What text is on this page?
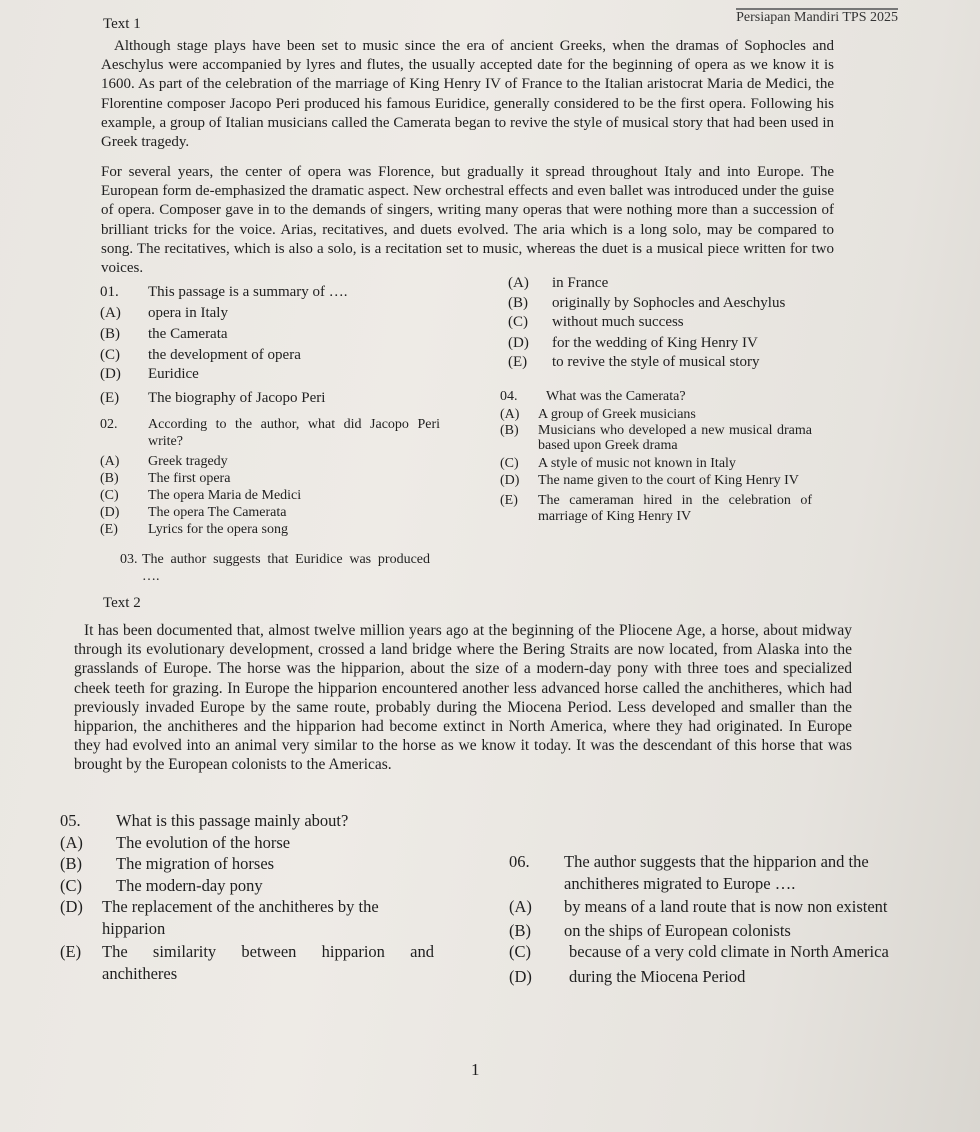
Persiapan Mandiri TPS 2025
Text 1
Although stage plays have been set to music since the era of ancient Greeks, when the dramas of Sophocles and Aeschylus were accompanied by lyres and flutes, the usually accepted date for the beginning of opera as we know it is 1600. As part of the celebration of the marriage of King Henry IV of France to the Italian aristocrat Maria de Medici, the Florentine composer Jacopo Peri produced his famous Euridice, generally considered to be the first opera. Following his example, a group of Italian musicians called the Camerata began to revive the style of musical story that had been used in Greek tragedy.
For several years, the center of opera was Florence, but gradually it spread throughout Italy and into Europe. The European form de-emphasized the dramatic aspect. New orchestral effects and even ballet was introduced under the guise of opera. Composer gave in to the demands of singers, writing many operas that were nothing more than a succession of brilliant tricks for the voice. Arias, recitatives, and duets evolved. The aria which is a long solo, may be compared to song. The recitatives, which is also a solo, is a recitation set to music, whereas the duet is a musical piece written for two voices.
01.	This passage is a summary of ….
(A)	opera in Italy
(B)	the Camerata
(C)	the development of opera
(D)	Euridice
(E)	The biography of Jacopo Peri
02.	According to the author, what did Jacopo Peri write?
(A)	Greek tragedy
(B)	The first opera
(C)	The opera Maria de Medici
(D)	The opera The Camerata
(E)	Lyrics for the opera song
03. The author suggests that Euridice was produced ….
(A)	in France
(B)	originally by Sophocles and Aeschylus
(C)	without much success
(D)	for the wedding of King Henry IV
(E)	to revive the style of musical story
04.	What was the Camerata?
(A)	A group of Greek musicians
(B)	Musicians who developed a new musical drama based upon Greek drama
(C)	A style of music not known in Italy
(D)	The name given to the court of King Henry IV
(E)	The cameraman hired in the celebration of marriage of King Henry IV
Text 2
It has been documented that, almost twelve million years ago at the beginning of the Pliocene Age, a horse, about midway through its evolutionary development, crossed a land bridge where the Bering Straits are now located, from Alaska into the grasslands of Europe. The horse was the hipparion, about the size of a modern-day pony with three toes and specialized cheek teeth for grazing. In Europe the hipparion encountered another less advanced horse called the anchitheres, which had previously invaded Europe by the same route, probably during the Miocena Period. Less developed and smaller than the hipparion, the anchitheres and the hipparion had become extinct in North America, where they had originated. In Europe they had evolved into an animal very similar to the horse as we know it today. It was the descendant of this horse that was brought by the European colonists to the Americas.
05.	What is this passage mainly about?
(A)	The evolution of the horse
(B)	The migration of horses
(C)	The modern-day pony
(D)	The replacement of the anchitheres by the hipparion
(E)	The similarity between hipparion and anchitheres
06.	The author suggests that the hipparion and the anchitheres migrated to Europe ….
(A)	by means of a land route that is now non existent
(B)	on the ships of European colonists
(C)	because of a very cold climate in North America
(D)	during the Miocena Period
1
